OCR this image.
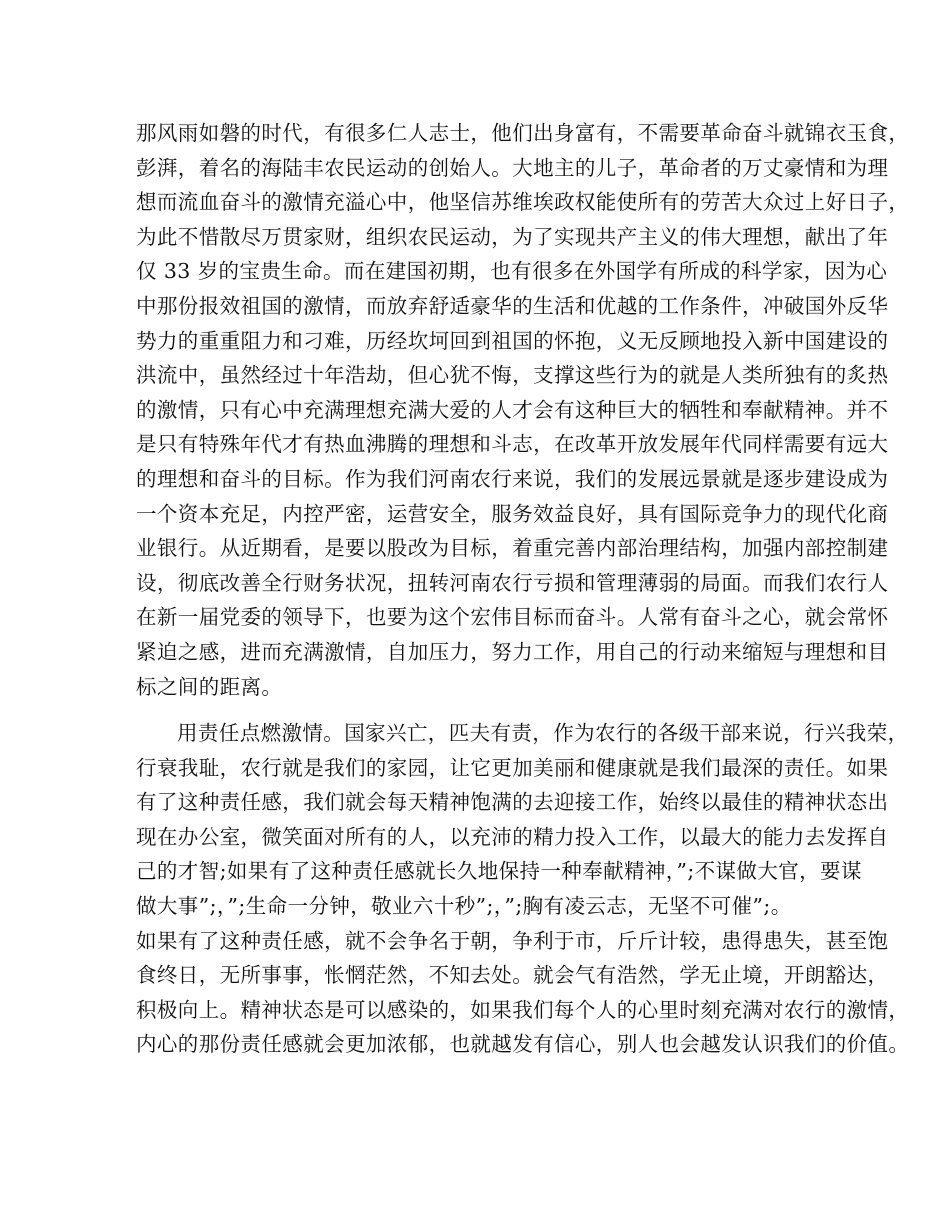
那风雨如磐的时代，有很多仁人志士，他们出身富有，不需要革命奋斗就锦衣玉食，
彭湃，着名的海陆丰农民运动的创始人。大地主的儿子，革命者的万丈豪情和为理
想而流血奋斗的激情充溢心中，他坚信苏维埃政权能使所有的劳苦大众过上好日子，
为此不惜散尽万贯家财，组织农民运动，为了实现共产主义的伟大理想，献出了年
仅 33 岁的宝贵生命。而在建国初期，也有很多在外国学有所成的科学家，因为心
中那份报效祖国的激情，而放弃舒适豪华的生活和优越的工作条件，冲破国外反华
势力的重重阻力和刁难，历经坎坷回到祖国的怀抱，义无反顾地投入新中国建设的
洪流中，虽然经过十年浩劫，但心犹不悔，支撑这些行为的就是人类所独有的炙热
的激情，只有心中充满理想充满大爱的人才会有这种巨大的牺牲和奉献精神。并不
是只有特殊年代才有热血沸腾的理想和斗志，在改革开放发展年代同样需要有远大
的理想和奋斗的目标。作为我们河南农行来说，我们的发展远景就是逐步建设成为
一个资本充足，内控严密，运营安全，服务效益良好，具有国际竞争力的现代化商
业银行。从近期看，是要以股改为目标，着重完善内部治理结构，加强内部控制建
设，彻底改善全行财务状况，扭转河南农行亏损和管理薄弱的局面。而我们农行人
在新一届党委的领导下，也要为这个宏伟目标而奋斗。人常有奋斗之心，就会常怀
紧迫之感，进而充满激情，自加压力，努力工作，用自己的行动来缩短与理想和目
标之间的距离。
用责任点燃激情。国家兴亡，匹夫有责，作为农行的各级干部来说，行兴我荣，
行衰我耻，农行就是我们的家园，让它更加美丽和健康就是我们最深的责任。如果
有了这种责任感，我们就会每天精神饱满的去迎接工作，始终以最佳的精神状态出
现在办公室，微笑面对所有的人，以充沛的精力投入工作，以最大的能力去发挥自
己的才智;如果有了这种责任感就长久地保持一种奉献精神，”;不谋做大官，要谋
做大事”;，”;生命一分钟，敬业六十秒”;，”;胸有凌云志，无坚不可催”;。
如果有了这种责任感，就不会争名于朝，争利于市，斤斤计较，患得患失，甚至饱
食终日，无所事事，怅惘茫然，不知去处。就会气有浩然，学无止境，开朗豁达，
积极向上。精神状态是可以感染的，如果我们每个人的心里时刻充满对农行的激情，
内心的那份责任感就会更加浓郁，也就越发有信心，别人也会越发认识我们的价值。
